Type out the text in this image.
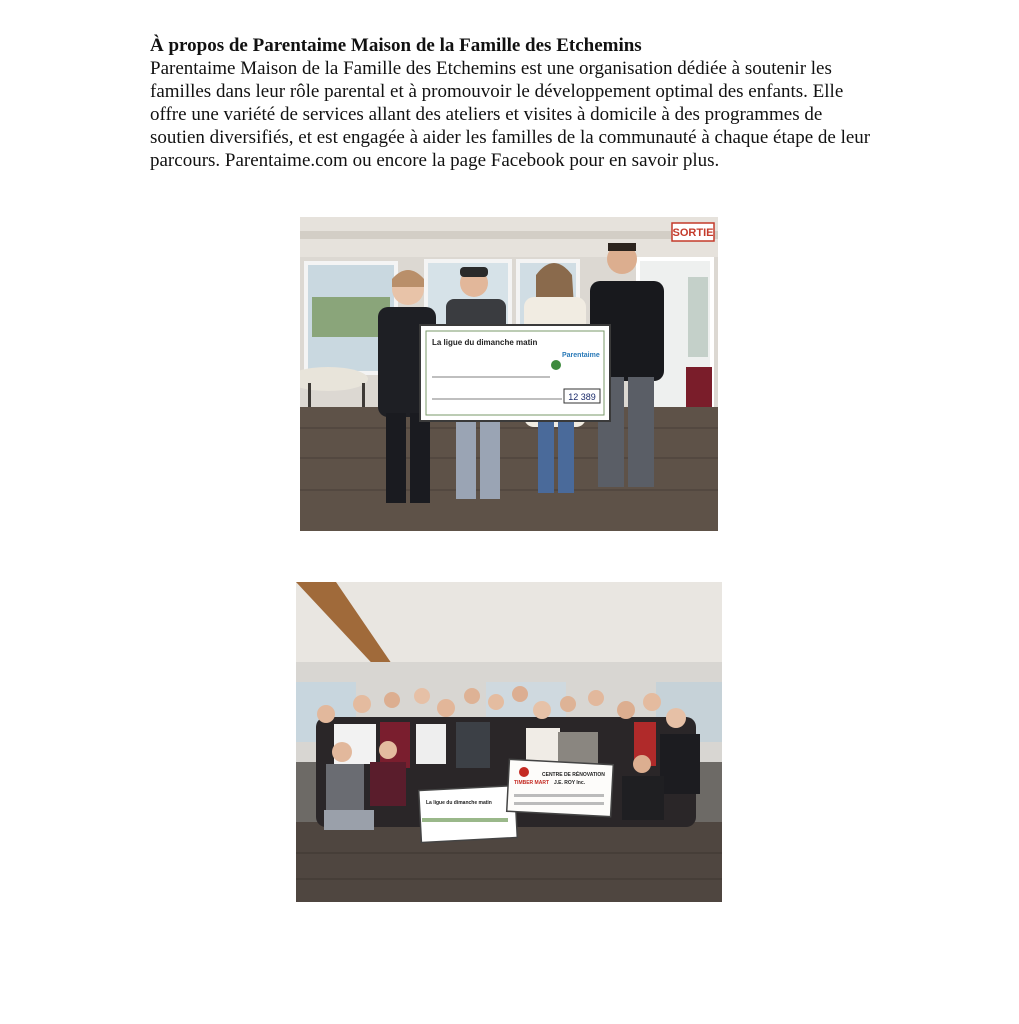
À propos de Parentaime Maison de la Famille des Etchemins

Parentaime Maison de la Famille des Etchemins est une organisation dédiée à soutenir les familles dans leur rôle parental et à promouvoir le développement optimal des enfants. Elle offre une variété de services allant des ateliers et visites à domicile à des programmes de soutien diversifiés, et est engagée à aider les familles de la communauté à chaque étape de leur parcours. Parentaime.com ou encore la page Facebook pour en savoir plus.

SORTIE
La ligue du dimanche matin
Parentaime
12 389
La ligue du dimanche matin
TIMBER MART
CENTRE DE RÉNOVATION
J.E. ROY Inc.
